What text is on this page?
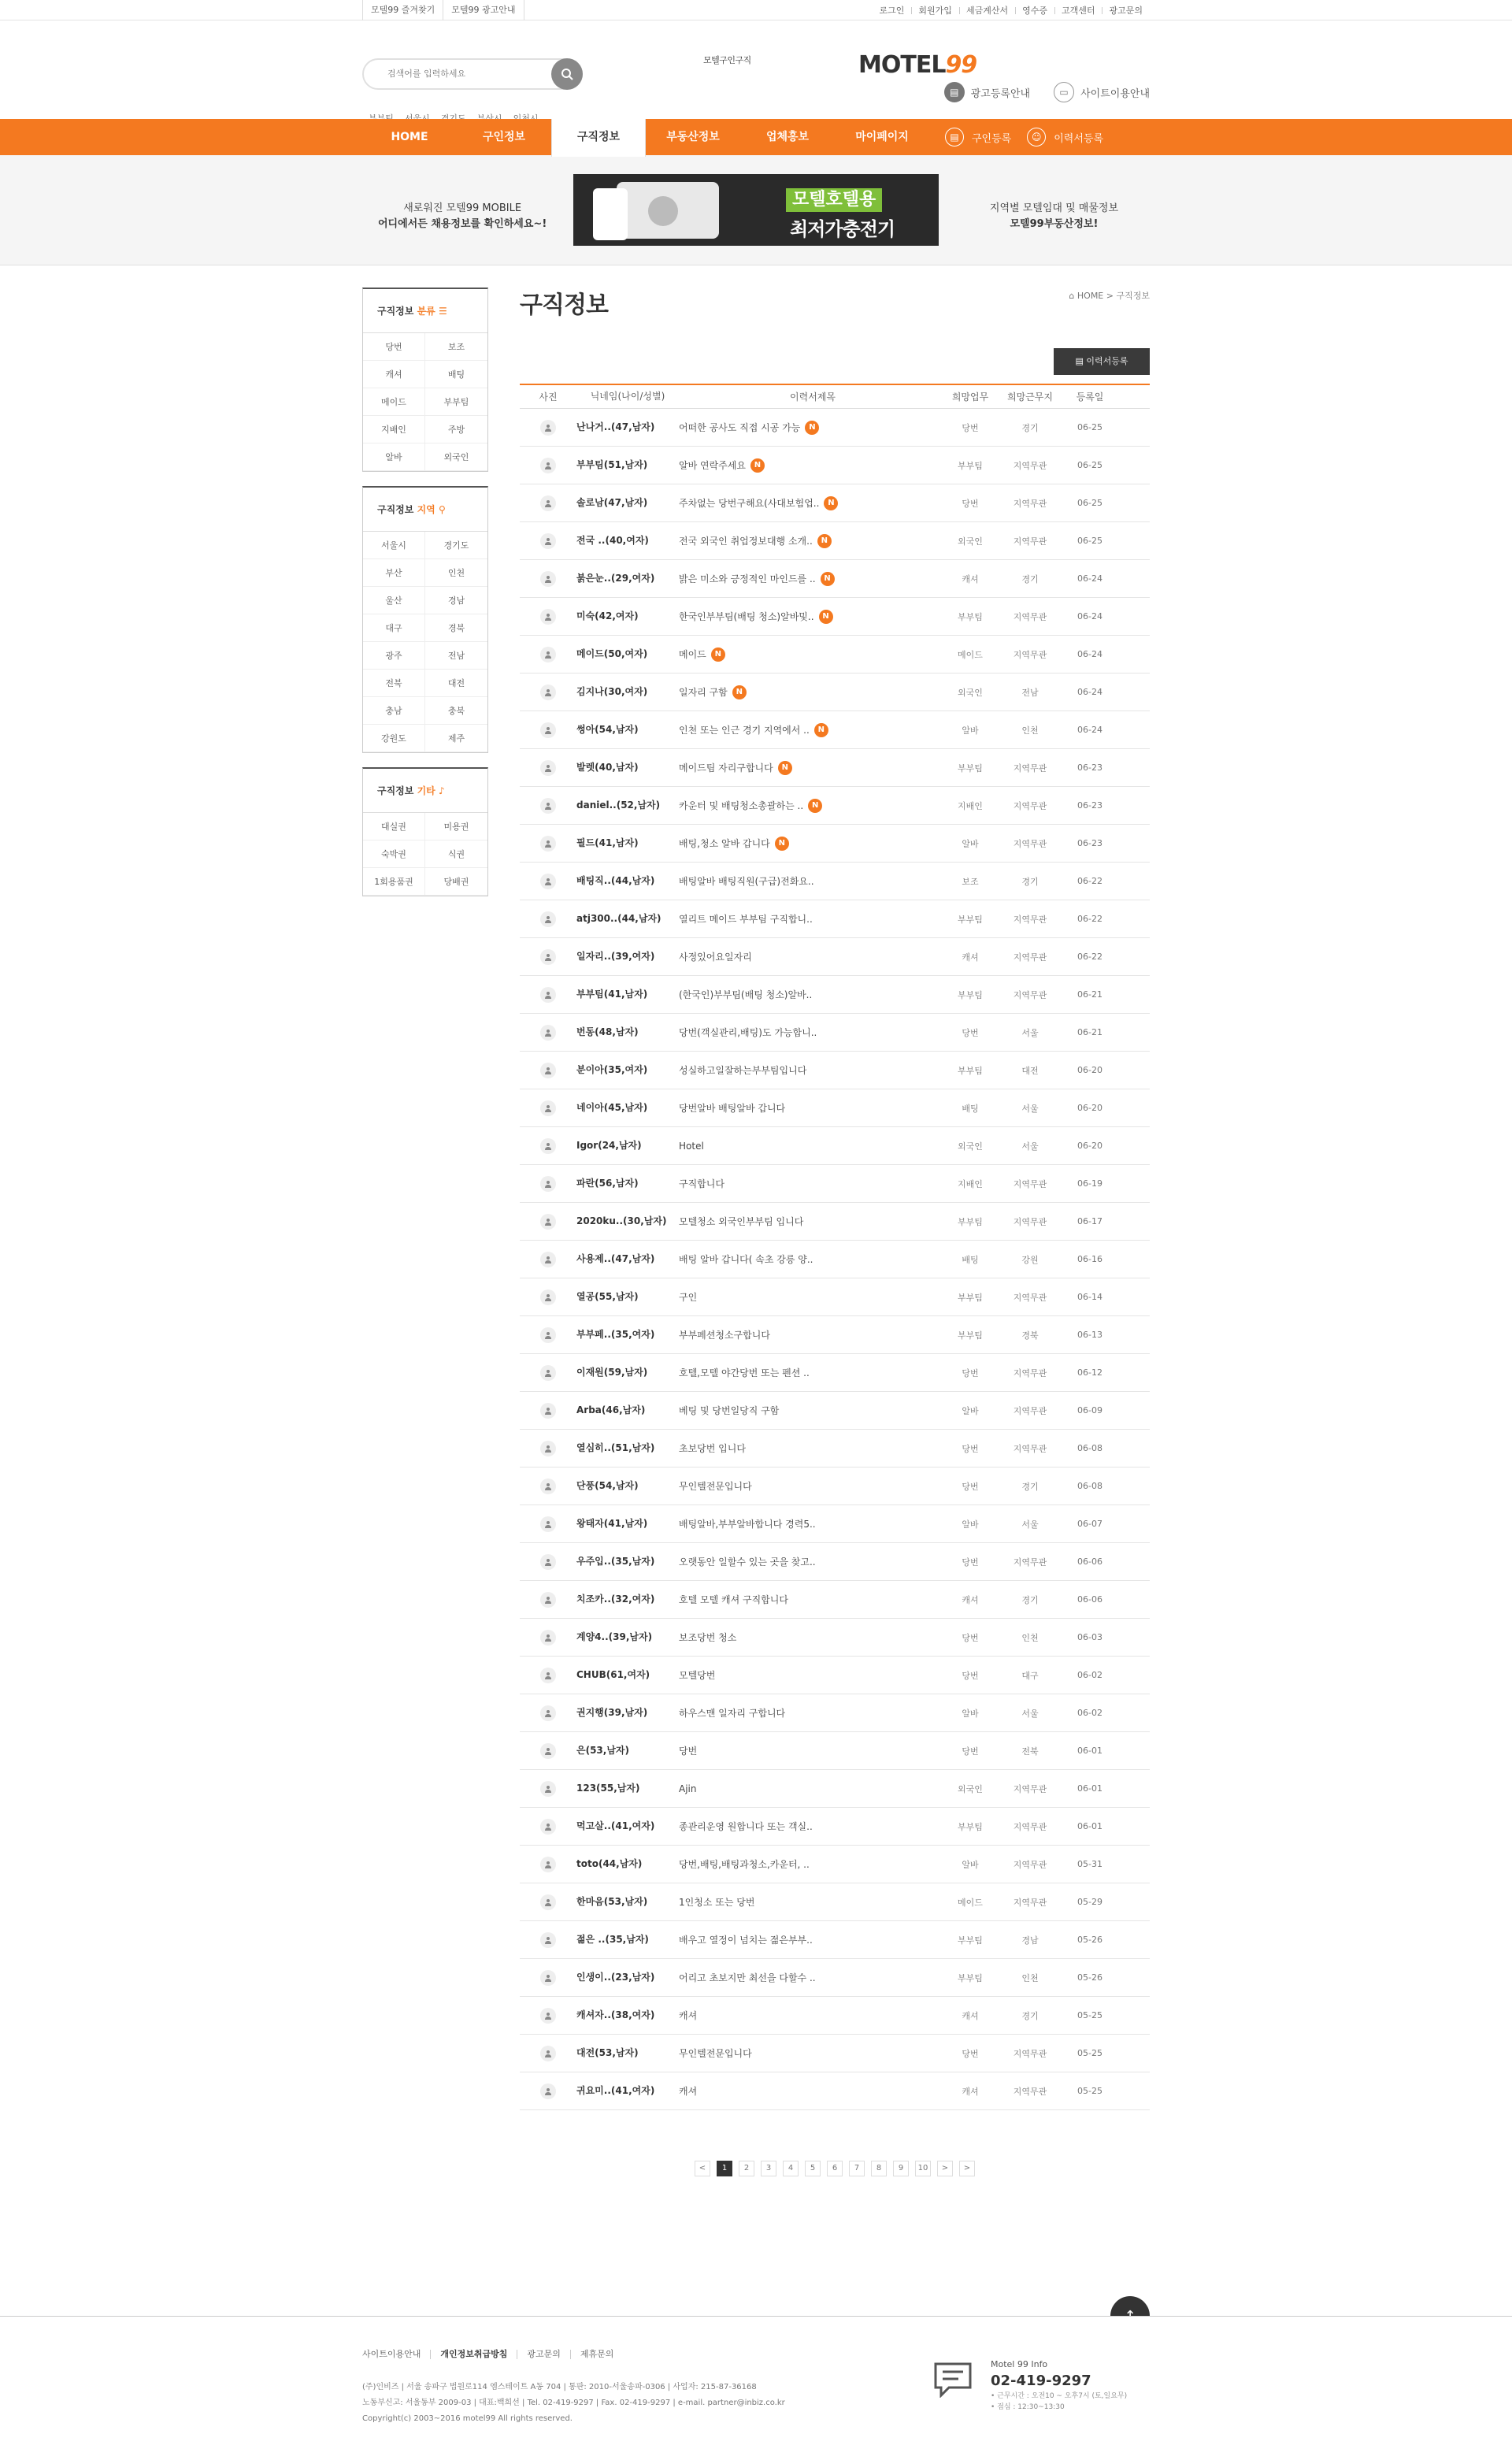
모텔99 즐겨찾기	모텔99 광고안내	로그인	회원가입	세금계산서	영수증	고객센터	광고문의
검색어를 입력하세요
모텔구인구직	MOTEL99
▤	광고등록안내	▭	사이트이용안내
HOME	구인정보	구직정보	부동산정보	업체홍보	마이페이지	▤	구인등록	☺	이력서등록
새로워진 모텔99 MOBILE
어디에서든 채용정보를 확인하세요~!
모텔호텔용
최저가충전기
지역별 모텔임대 및 매물정보
모텔99부동산정보!
구직정보 분류 ☰
당번	보조
캐셔	배팅
메이드	부부팀
지배인	주방
알바	외국인
구직정보 지역 ⚲
서울시	경기도
부산	인천
울산	경남
대구	경북
광주	전남
전북	대전
충남	충북
강원도	제주
구직정보 기타 ♪
대실권	미용권
숙박권	식권
1회용품권	당배권
구직정보	⌂ HOME > 구직정보
▤ 이력서등록
사진	닉네임(나이/성별)	이력서제목	희망업무	희망근무지	등록일
난나거..(47,남자)	어떠한 공사도 직접 시공 가능	N	당번	경기	06-25
부부팀(51,남자)	알바 연락주세요	N	부부팀	지역무관	06-25
솔로남(47,남자)	주차없는 당번구해요(사대보험업..	N	당번	지역무관	06-25
전국 ..(40,여자)	전국 외국인 취업정보대행 소개..	N	외국인	지역무관	06-25
붉은눈..(29,여자)	밝은 미소와 긍정적인 마인드를 ..	N	캐셔	경기	06-24
미숙(42,여자)	한국인부부팀(배팅 청소)알바및..	N	부부팀	지역무관	06-24
메이드(50,여자)	메이드	N	메이드	지역무관	06-24
김지나(30,여자)	일자리 구함	N	외국인	전남	06-24
썽아(54,남자)	인천 또는 인근 경기 지역에서 ..	N	알바	인천	06-24
발렛(40,남자)	메이드팀 자리구합니다	N	부부팀	지역무관	06-23
daniel..(52,남자)	카운터 및 배팅청소총괄하는 ..	N	지배인	지역무관	06-23
필드(41,남자)	배팅,청소 알바 갑니다	N	알바	지역무관	06-23
배팅직..(44,남자)	배팅알바 배팅직원(구급)전화요..	보조	경기	06-22
atj300..(44,남자)	열리트 메이드 부부팀 구직합니..	부부팀	지역무관	06-22
일자리..(39,여자)	사정있어요일자리	캐셔	지역무관	06-22
부부팀(41,남자)	(한국인)부부팀(배팅 청소)알바..	부부팀	지역무관	06-21
번동(48,남자)	당번(객실관리,배팅)도 가능합니..	당번	서울	06-21
분이아(35,여자)	성실하고일잘하는부부팀입니다	부부팀	대전	06-20
네이아(45,남자)	당번알바 배팅알바 갑니다	배팅	서울	06-20
Igor(24,남자)	Hotel	외국인	서울	06-20
파란(56,남자)	구직합니다	지배인	지역무관	06-19
2020ku..(30,남자)	모텔청소 외국인부부팀 입니다	부부팀	지역무관	06-17
사용제..(47,남자)	배팅 알바 갑니다( 속초 강릉 양..	배팅	강원	06-16
열공(55,남자)	구인	부부팀	지역무관	06-14
부부페..(35,여자)	부부페션청소구합니다	부부팀	경북	06-13
이재원(59,남자)	호텔,모텔 야간당번 또는 펜션 ..	당번	지역무관	06-12
Arba(46,남자)	베팅 및 당번일당직 구함	알바	지역무관	06-09
열심히..(51,남자)	초보당번 입니다	당번	지역무관	06-08
단풍(54,남자)	무인텔전문입니다	당번	경기	06-08
왕태자(41,남자)	배팅알바,부부알바합니다 경력5..	알바	서울	06-07
우주입..(35,남자)	오랫동안 일할수 있는 곳을 찾고..	당번	지역무관	06-06
치조카..(32,여자)	호텔 모텔 캐셔 구직합니다	캐셔	경기	06-06
계양4..(39,남자)	보조당번 청소	당번	인천	06-03
CHUB(61,여자)	모텔당번	당번	대구	06-02
권지행(39,남자)	하우스맨 일자리 구합니다	알바	서울	06-02
은(53,남자)	당번	당번	전북	06-01
123(55,남자)	Ajin	외국인	지역무관	06-01
먹고살..(41,여자)	종관리운영 원합니다 또는 객실..	부부팀	지역무관	06-01
toto(44,남자)	당번,배팅,배팅과청소,카운터, ..	알바	지역무관	05-31
한마음(53,남자)	1인청소 또는 당번	메이드	지역무관	05-29
젊은 ..(35,남자)	배우고 열정이 넘치는 젊은부부..	부부팀	경남	05-26
인생이..(23,남자)	어리고 초보지만 최선을 다할수 ..	부부팀	인천	05-26
캐셔자..(38,여자)	캐셔	캐셔	경기	05-25
대전(53,남자)	무인텔전문입니다	당번	지역무관	05-25
귀요미..(41,여자)	캐셔	캐셔	지역무관	05-25
<	1	2	3	4	5	6	7	8	9	10	>	>
사이트이용안내	개인정보취급방침	광고문의	제휴문의
(주)인비즈 | 서울 송파구 법원로114 엠스테이트 A동 704 | 통판: 2010-서울송파-0306 | 사업자: 215-87-36168
노동부신고: 서울동부 2009-03 | 대표:백희선 | Tel. 02-419-9297 | Fax. 02-419-9297 | e-mail. partner@inbiz.co.kr
Copyright(c) 2003~2016 motel99 All rights reserved.
Motel 99 Info
02-419-9297
• 근무시간 : 오전10 ~ 오후7시 (토,일요무)
• 점심 : 12:30~13:30
